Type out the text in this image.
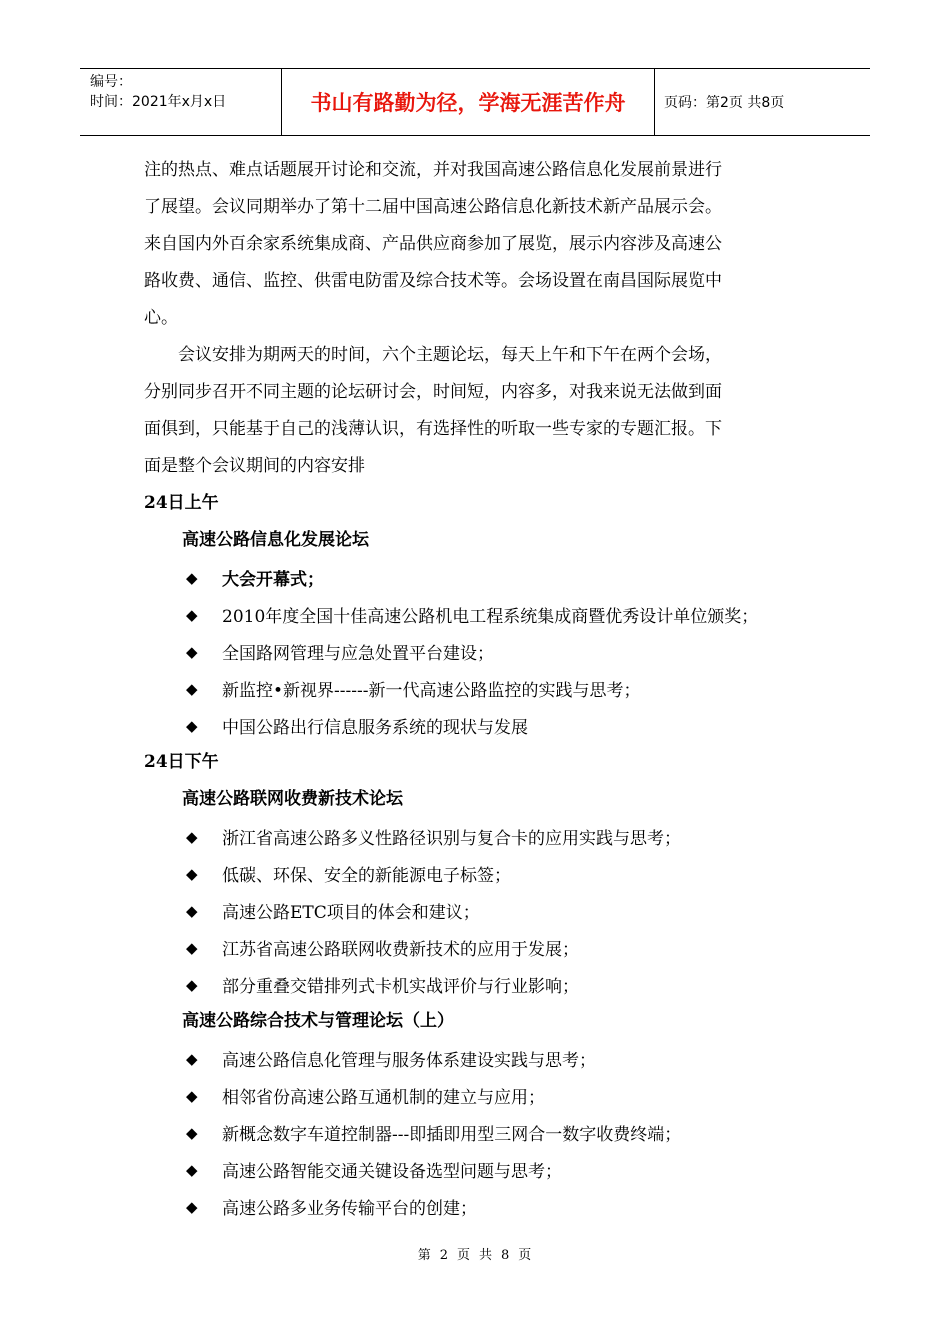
编号：
时间：2021年x月x日	书山有路勤为径，学海无涯苦作舟	页码：第2页 共8页

注的热点、难点话题展开讨论和交流，并对我国高速公路信息化发展前景进行

了展望。会议同期举办了第十二届中国高速公路信息化新技术新产品展示会。

来自国内外百余家系统集成商、产品供应商参加了展览，展示内容涉及高速公

路收费、通信、监控、供雷电防雷及综合技术等。会场设置在南昌国际展览中

心。

会议安排为期两天的时间，六个主题论坛，每天上午和下午在两个会场，

分别同步召开不同主题的论坛研讨会，时间短，内容多，对我来说无法做到面

面俱到，只能基于自己的浅薄认识，有选择性的听取一些专家的专题汇报。下

面是整个会议期间的内容安排

24日上午

高速公路信息化发展论坛

◆	大会开幕式；
◆	2010年度全国十佳高速公路机电工程系统集成商暨优秀设计单位颁奖；
◆	全国路网管理与应急处置平台建设；
◆	新监控•新视界------新一代高速公路监控的实践与思考；
◆	中国公路出行信息服务系统的现状与发展

24日下午

高速公路联网收费新技术论坛

◆	浙江省高速公路多义性路径识别与复合卡的应用实践与思考；
◆	低碳、环保、安全的新能源电子标签；
◆	高速公路ETC项目的体会和建议；
◆	江苏省高速公路联网收费新技术的应用于发展；
◆	部分重叠交错排列式卡机实战评价与行业影响；

高速公路综合技术与管理论坛（上）

◆	高速公路信息化管理与服务体系建设实践与思考；
◆	相邻省份高速公路互通机制的建立与应用；
◆	新概念数字车道控制器---即插即用型三网合一数字收费终端；
◆	高速公路智能交通关键设备选型问题与思考；
◆	高速公路多业务传输平台的创建；
第 2 页 共 8 页
